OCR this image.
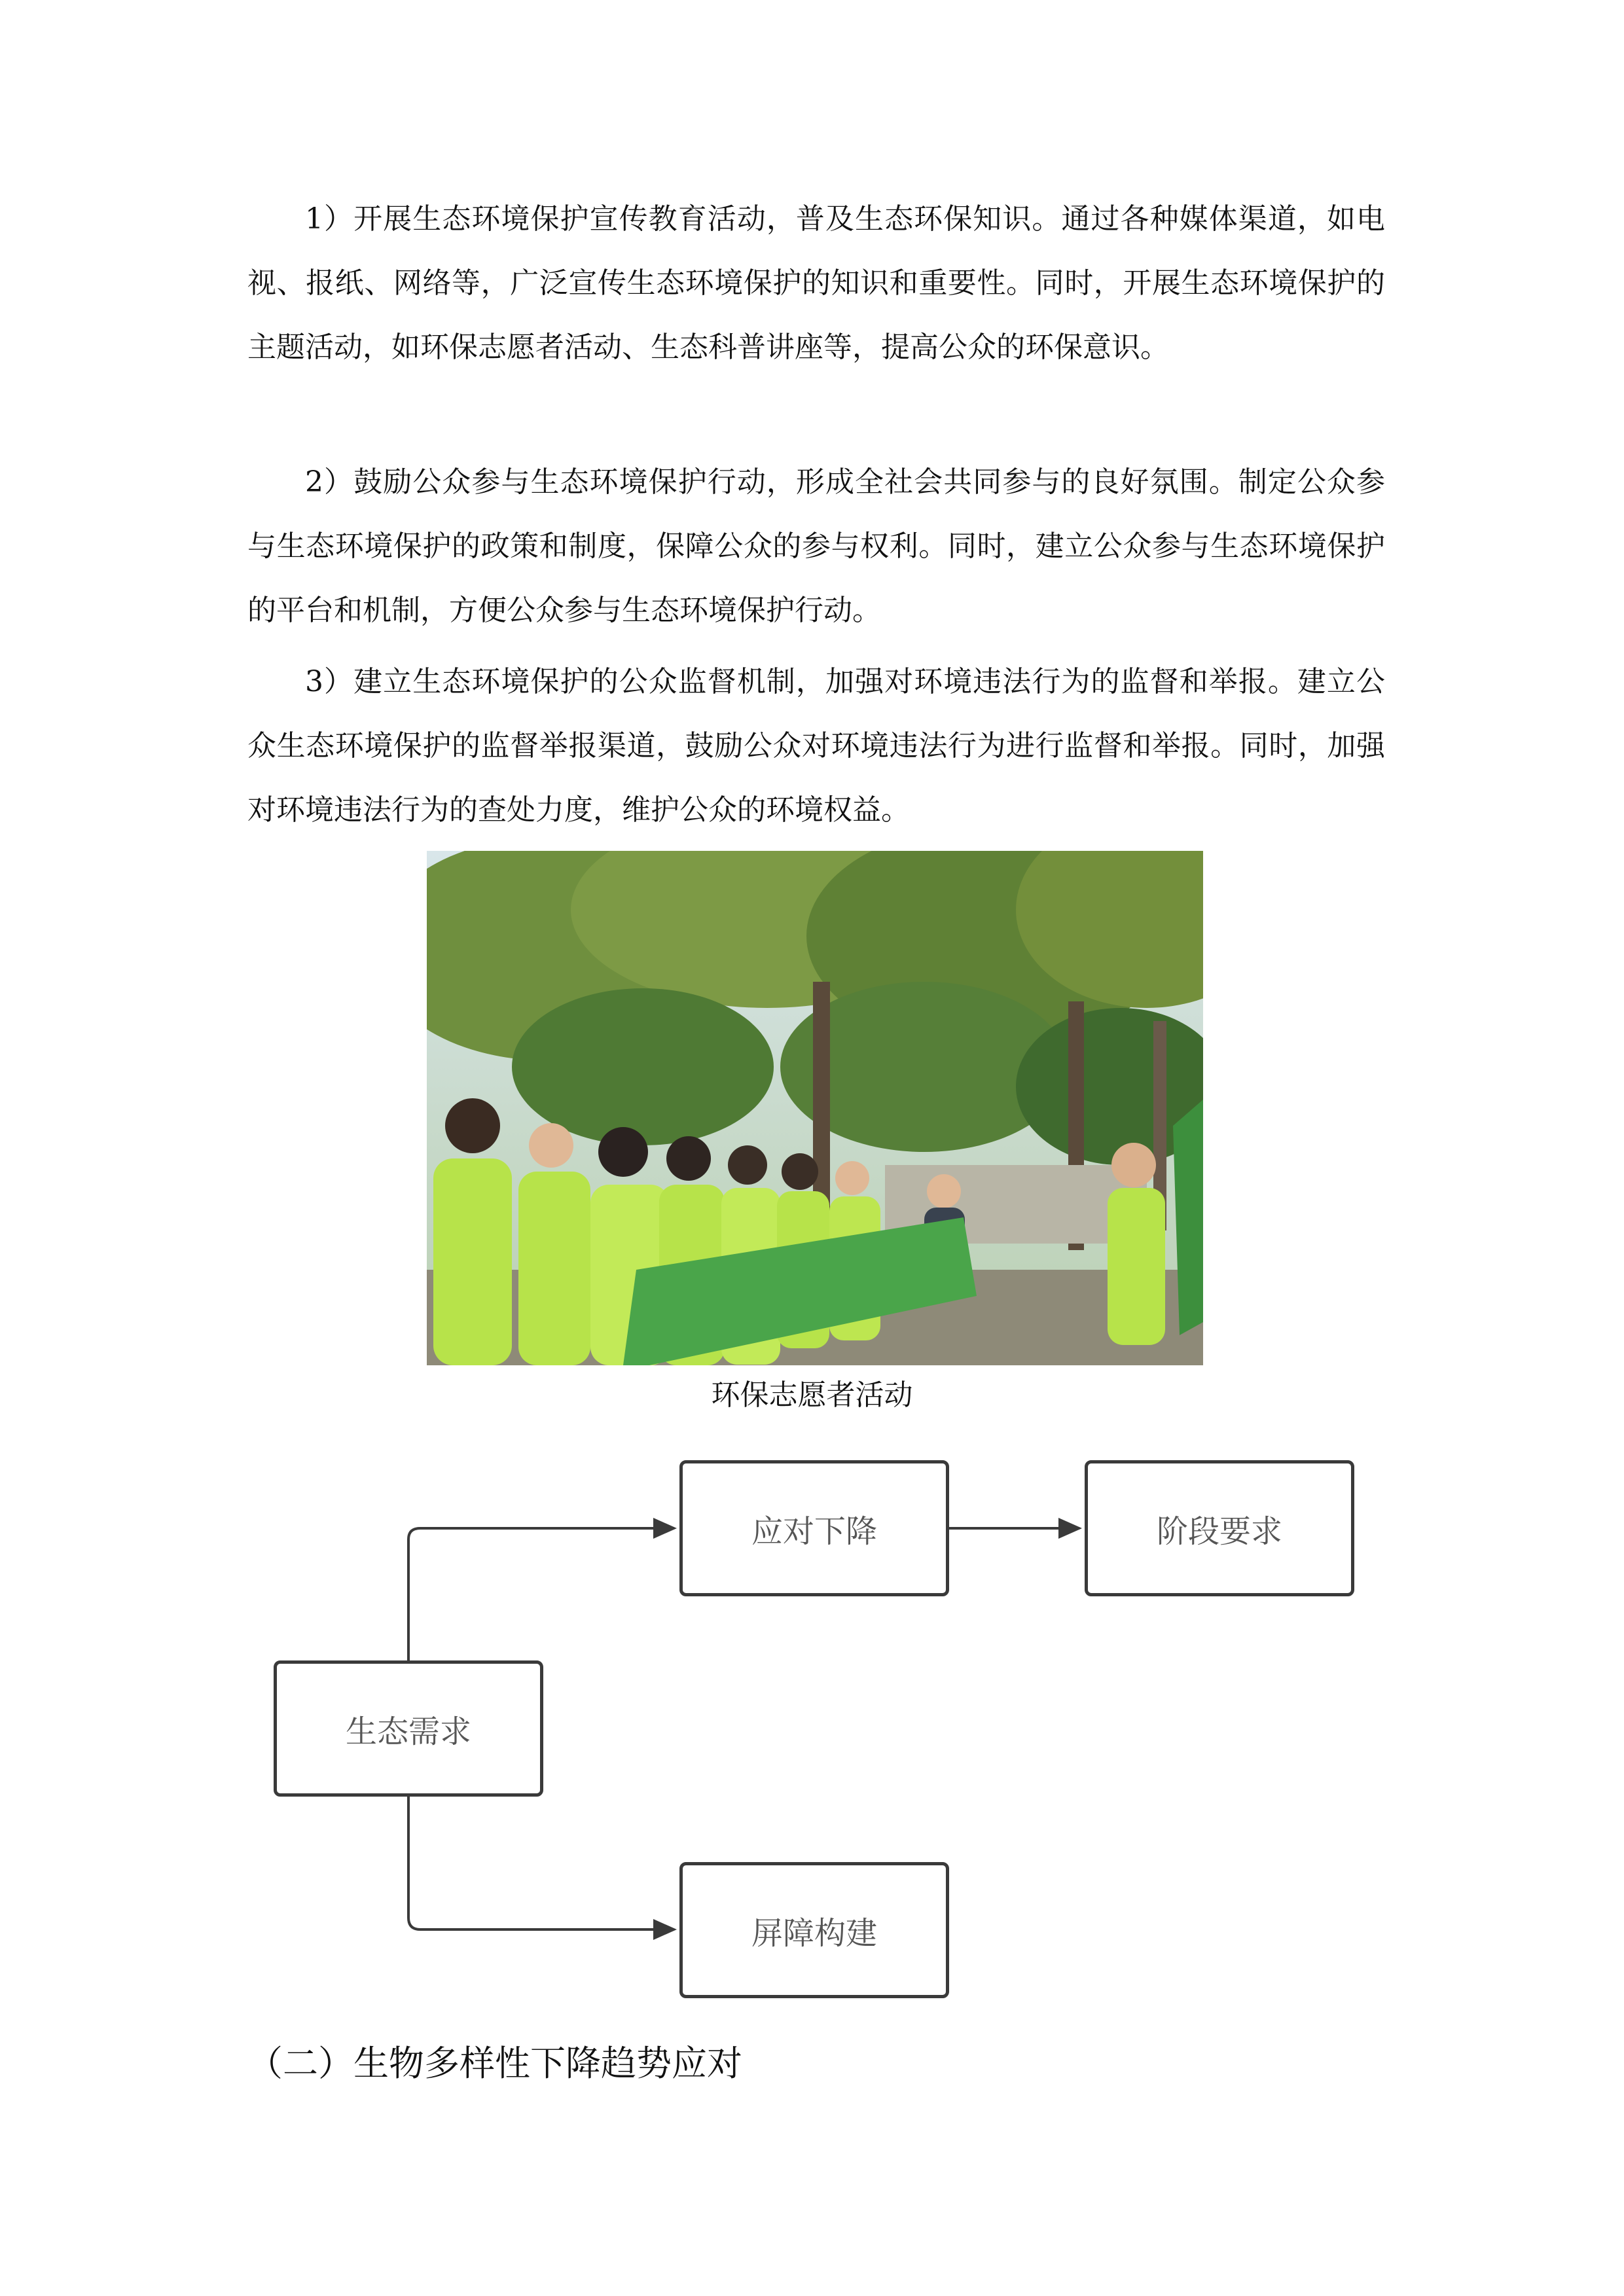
1）开展生态环境保护宣传教育活动，普及生态环保知识。通过各种媒体渠道，如电视、报纸、网络等，广泛宣传生态环境保护的知识和重要性。同时，开展生态环境保护的主题活动，如环保志愿者活动、生态科普讲座等，提高公众的环保意识。

2）鼓励公众参与生态环境保护行动，形成全社会共同参与的良好氛围。制定公众参与生态环境保护的政策和制度，保障公众的参与权利。同时，建立公众参与生态环境保护的平台和机制，方便公众参与生态环境保护行动。

3）建立生态环境保护的公众监督机制，加强对环境违法行为的监督和举报。建立公众生态环境保护的监督举报渠道，鼓励公众对环境违法行为进行监督和举报。同时，加强对环境违法行为的查处力度，维护公众的环境权益。

环保志愿者活动
应对下降	阶段要求
生态需求
屏障构建
（二）生物多样性下降趋势应对
